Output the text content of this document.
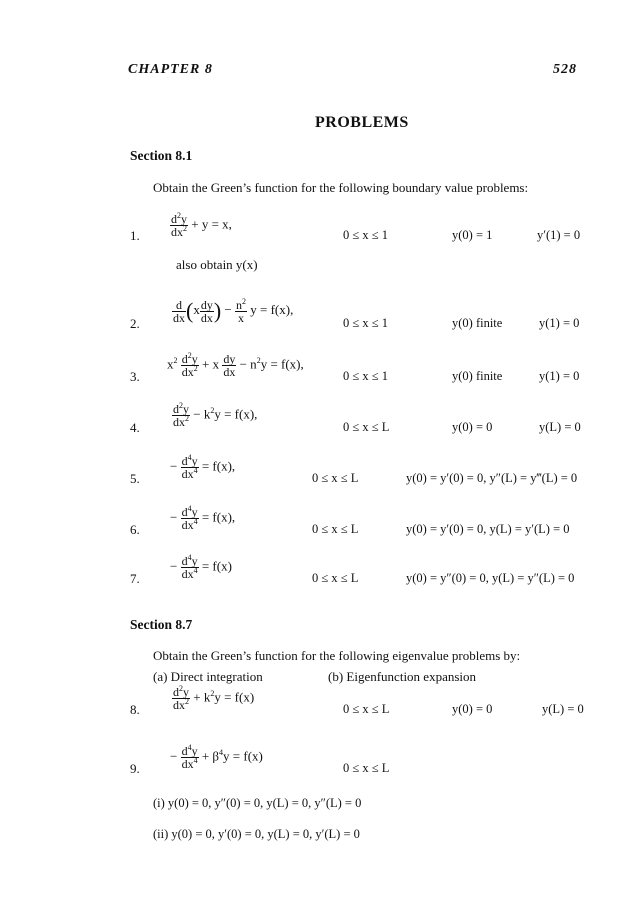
CHAPTER 8	528
PROBLEMS
Section 8.1
Obtain the Green’s function for the following boundary value problems:
1.	$\frac{d^2y}{dx^2} + y = x$,
0 ≤ x ≤ 1	y(0) = 1	y′(1) = 0
also obtain y(x)
2.	$\frac{d}{dx} (x \frac{dy}{dx}$ ) − $\frac{n^2}{x}$ y = f(x),
0 ≤ x ≤ 1	y(0) finite	y(1) = 0
3.
$x^2 \frac{d^2y}{dx^2} + x \frac{dy}{dx} - n^2y = f(x)$,
0 ≤ x ≤ 1	y(0) finite	y(1) = 0
4.	$\frac{d^2y}{dx^2} - k^2y = f(x)$,
0 ≤ x ≤ L	y(0) = 0	y(L) = 0
5.
− $\frac{d^4y}{dx^4} = f(x)$,
0 ≤ x ≤ L	y(0) = y′(0) = 0, y″(L) = y‴(L) = 0
6.
− $\frac{d^4y}{dx^4} = f(x)$,
0 ≤ x ≤ L	y(0) = y′(0) = 0, y(L) = y′(L) = 0
7.
− $\frac{d^4y}{dx^4} = f(x)$
0 ≤ x ≤ L	y(0) = y″(0) = 0, y(L) = y″(L) = 0
Section 8.7
Obtain the Green’s function for the following eigenvalue problems by:
(a) Direct integration	(b) Eigenfunction expansion
8.	$\frac{d^2y}{dx^2} + k^2y = f(x)$
0 ≤ x ≤ L	y(0) = 0	y(L) = 0
9.
− $\frac{d^4y}{dx^4} + \beta^4y = f(x)$
0 ≤ x ≤ L
(i) y(0) = 0, y″(0) = 0, y(L) = 0, y″(L) = 0
(ii) y(0) = 0, y′(0) = 0, y(L) = 0, y′(L) = 0
